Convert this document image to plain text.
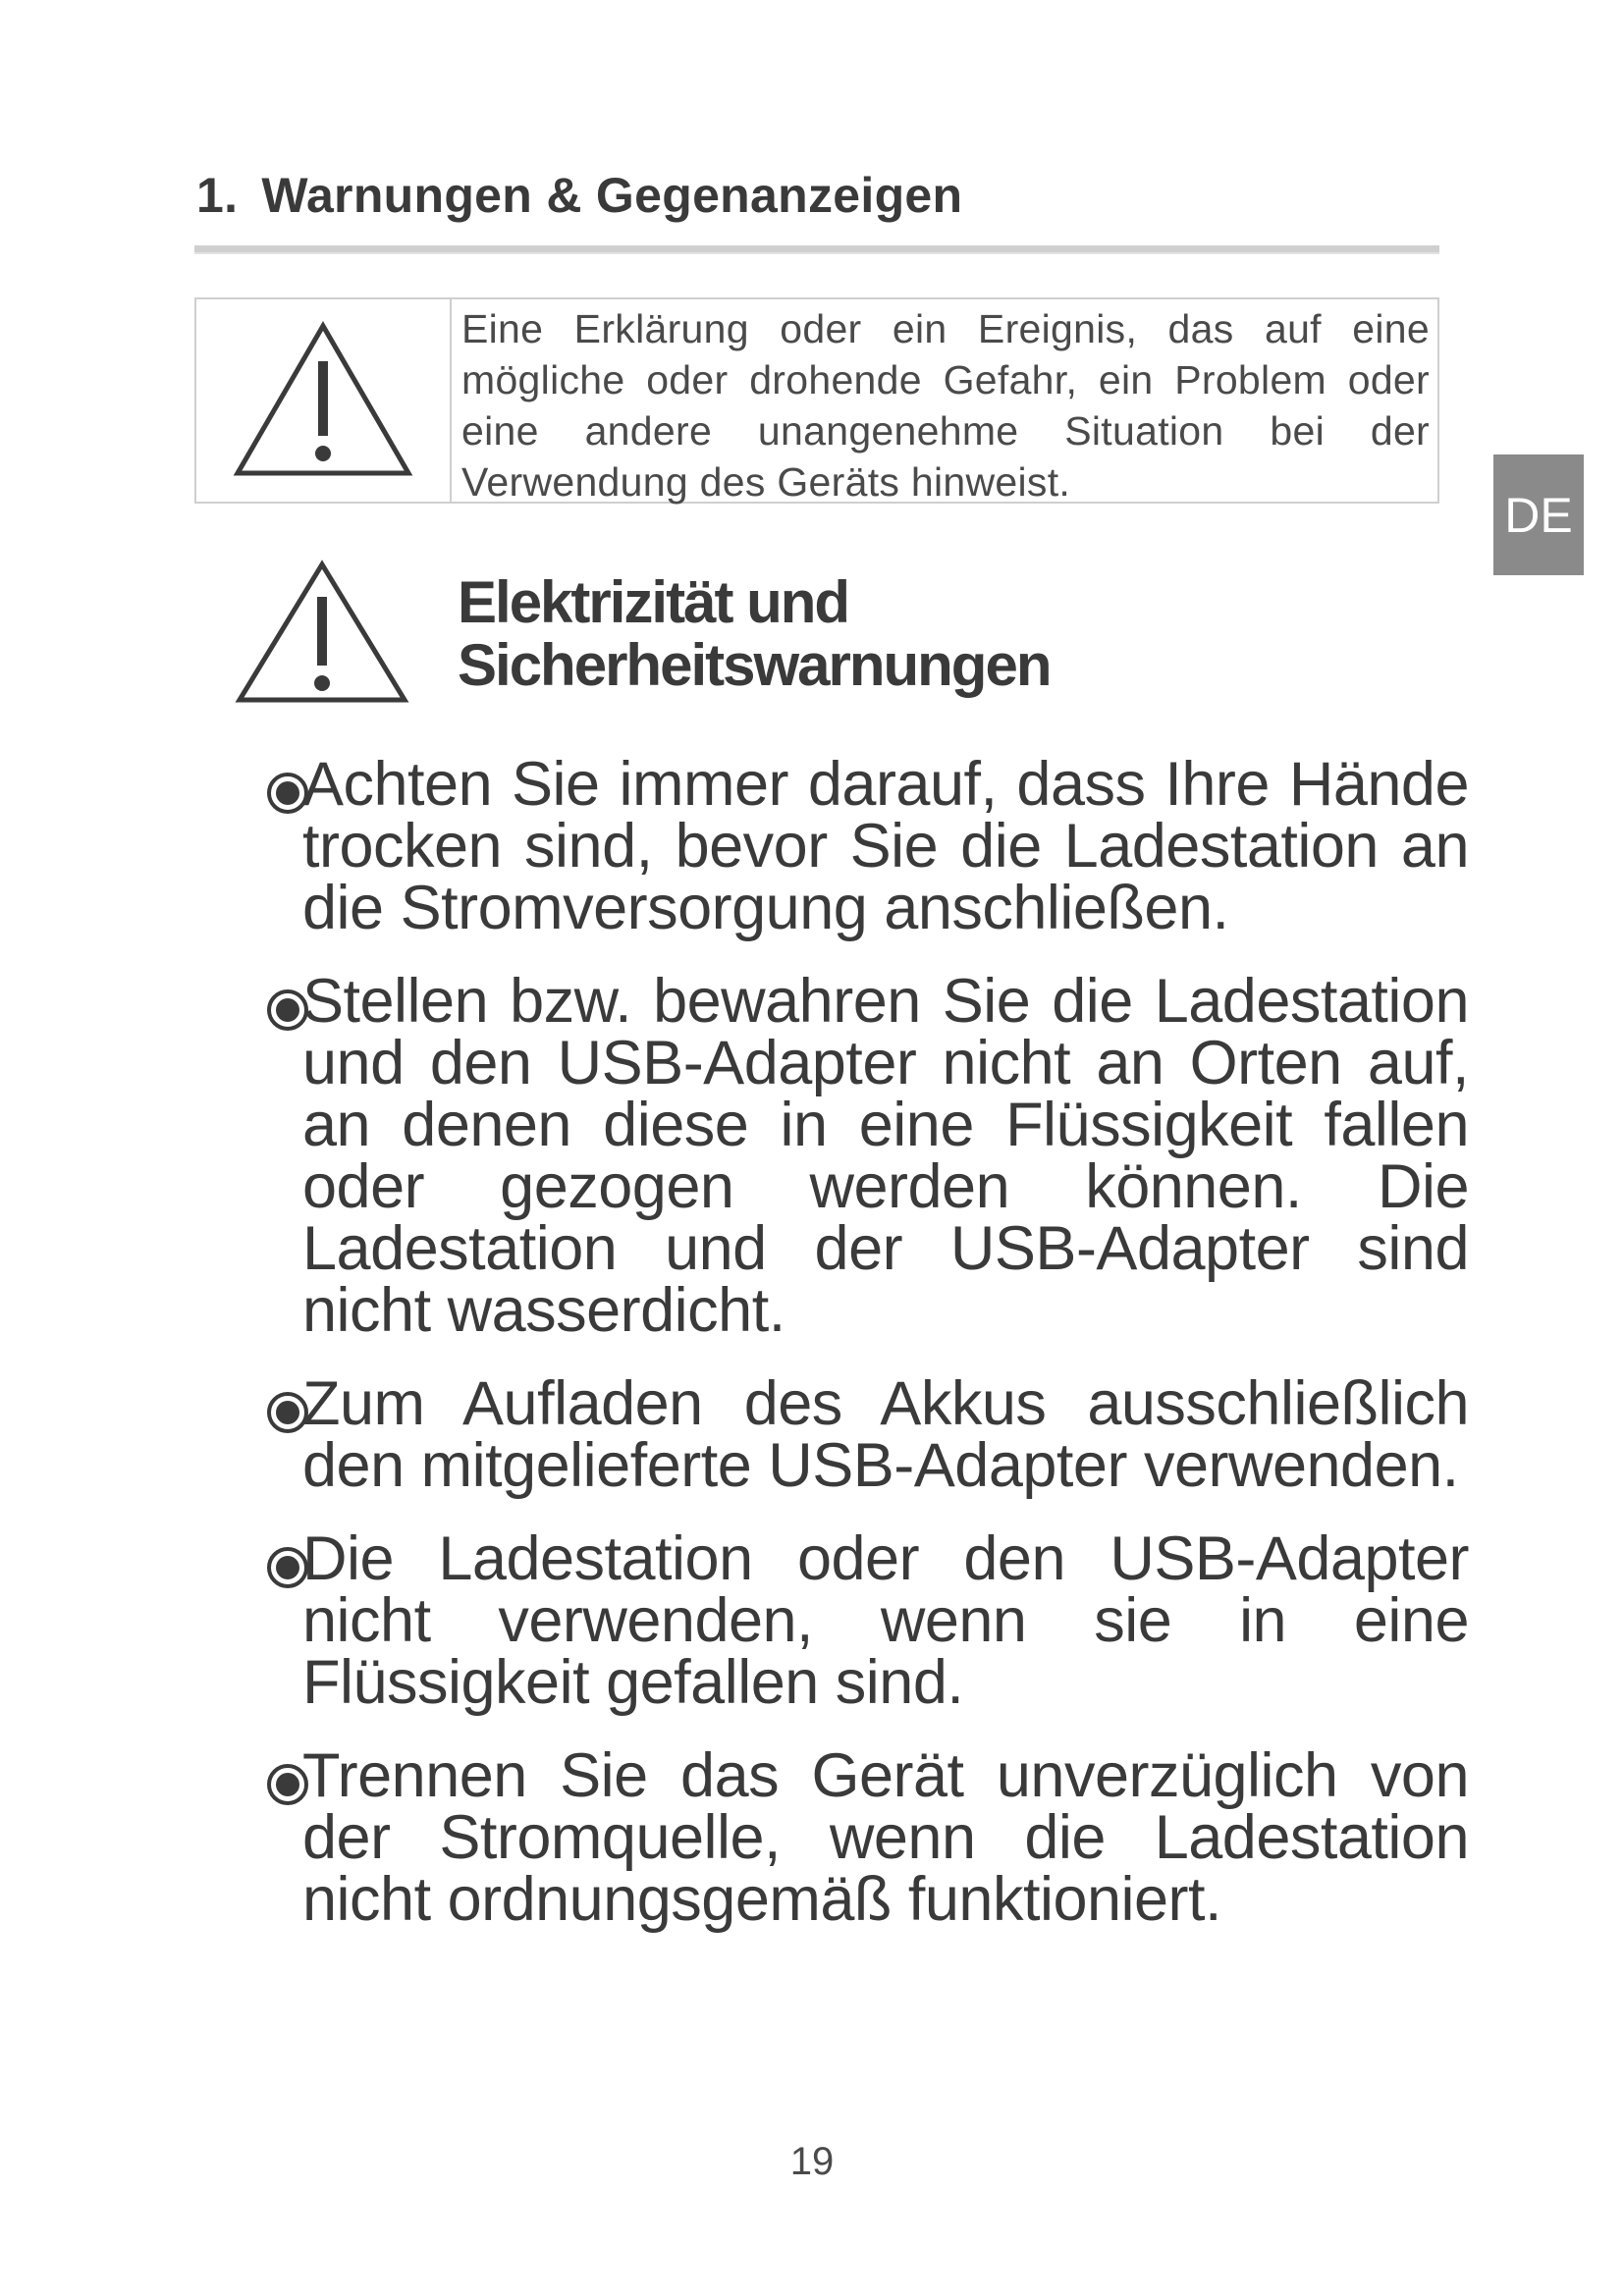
1. Warnungen & Gegenanzeigen
Eine Erklärung oder ein Ereignis, das auf eine mögliche oder drohende Gefahr, ein Problem oder eine andere unangenehme Situation bei der Verwendung des Geräts hinweist.
DE
Elektrizität und
Sicherheitswarnungen
Achten Sie immer darauf, dass Ihre Hände trocken sind, bevor Sie die Ladestation an die Stromversorgung anschließen.
Stellen bzw. bewahren Sie die Ladestation und den USB-Adapter nicht an Orten auf, an denen diese in eine Flüssigkeit fallen oder gezogen werden können. Die Ladestation und der USB-Adapter sind nicht wasserdicht.
Zum Aufladen des Akkus ausschließlich den mitgelieferte USB-Adapter verwenden.
Die Ladestation oder den USB-Adapter nicht verwenden, wenn sie in eine Flüssigkeit gefallen sind.
Trennen Sie das Gerät unverzüglich von der Stromquelle, wenn die Ladestation nicht ordnungsgemäß funktioniert.
19
